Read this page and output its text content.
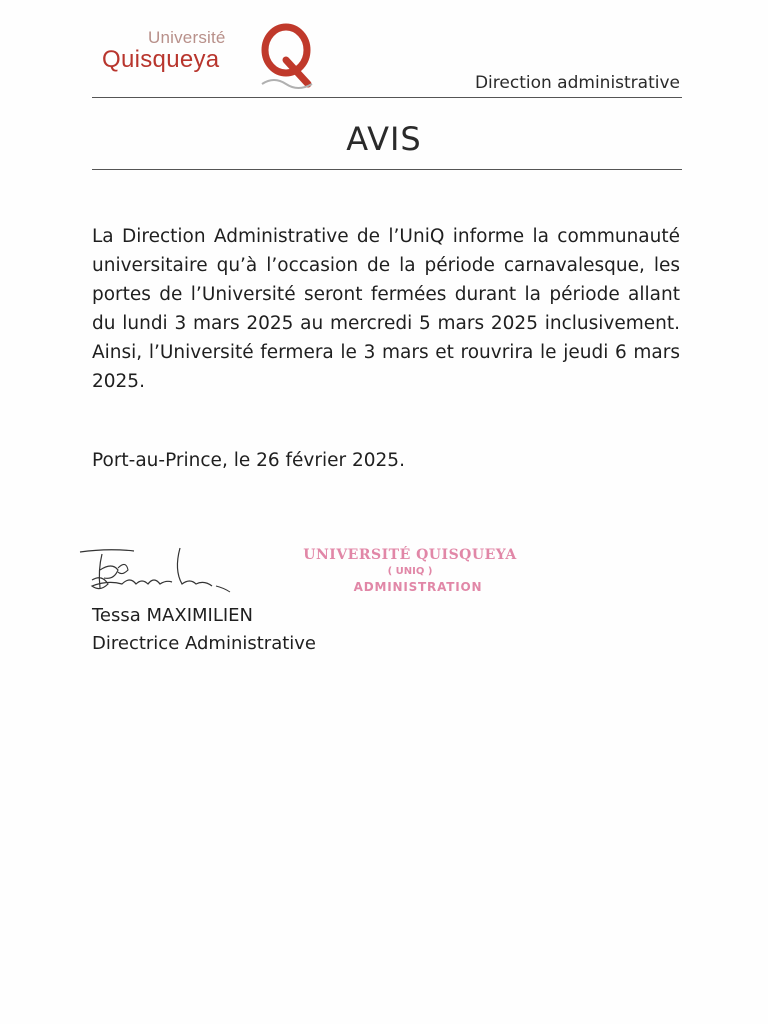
Université
Quisqueya
Direction administrative
AVIS
La Direction Administrative de l’UniQ informe la communauté universitaire qu’à l’occasion de la période carnavalesque, les portes de l’Université seront fermées durant la période allant du lundi 3 mars 2025 au mercredi 5 mars 2025 inclusivement. Ainsi, l’Université fermera le 3 mars et rouvrira le jeudi 6 mars 2025.
Port-au-Prince, le 26 février 2025.
Tessa MAXIMILIEN
Directrice Administrative
UNIVERSITÉ QUISQUEYA
( UNIQ )
ADMINISTRATION
